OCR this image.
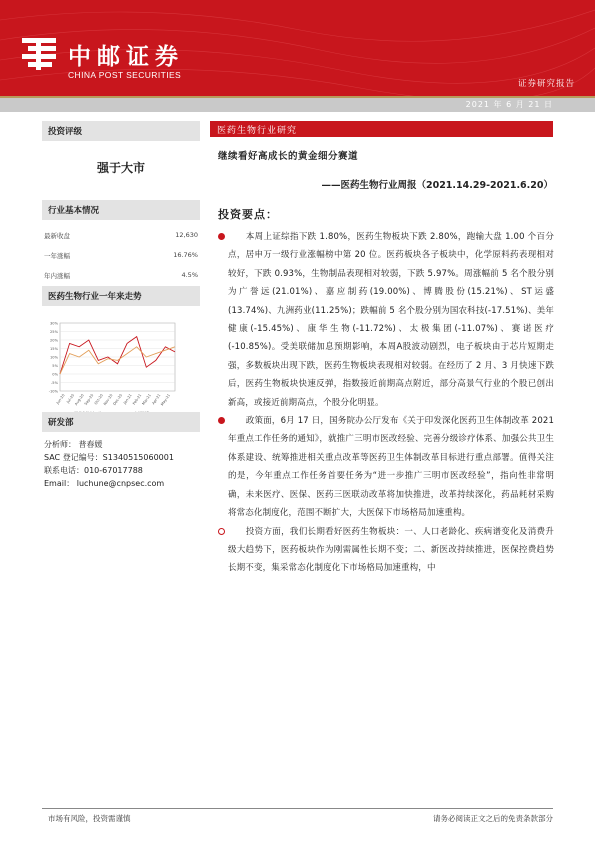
中邮证券
CHINA POST SECURITIES
证券研究报告
2021 年 6 月 21 日
投资评级
强于大市
行业基本情况
最新收盘	12,630
一年涨幅	16.76%
年内涨幅	4.5%
医药生物行业一年来走势
30%
25%
20%
15%
10%
5%
0%
-5%
-10%
Jun-20 Jul-20
Aug-20 Sep-20 Oct-20
Nov-20
Dec-20 Jan-21 Feb-21 Mar-21 Apr-21
May-21
研发部
分析师： 普春媛
SAC 登记编号：S1340515060001
联系电话：010-67017788
Email： luchune@cnpsec.com
医药生物行业研究
继续看好高成长的黄金细分赛道
——医药生物行业周报（2021.14.29-2021.6.20）
投资要点：

本周上证综指下跌 1.80%，医药生物板块下跌 2.80%，跑输大盘 1.00 个百分点，居申万一级行业涨幅榜中第 20 位。医药板块各子板块中，化学原料药表现相对较好，下跌 0.93%，生物制品表现相对较弱，下跌 5.97%。周涨幅前 5 名个股分别为广誉远(21.01%)、嘉应制药(19.00%)、博腾股份(15.21%)、ST运盛(13.74%)、九洲药业(11.25%)；跌幅前 5 名个股分别为国农科技(-17.51%)、美年健康(-15.45%)、康华生物(-11.72%)、太极集团(-11.07%)、赛诺医疗(-10.85%)。受美联储加息预期影响，本周A股波动剧烈，电子板块由于芯片短期走强，多数板块出现下跌，医药生物板块表现相对较弱。在经历了 2 月、3 月快速下跌后，医药生物板块快速反弹，指数接近前期高点附近，部分高景气行业的个股已创出新高，或接近前期高点，个股分化明显。

政策面，6月 17 日，国务院办公厅发布《关于印发深化医药卫生体制改革 2021 年重点工作任务的通知》，就推广三明市医改经验、完善分级诊疗体系、加强公共卫生体系建设、统筹推进相关重点改革等医药卫生体制改革目标进行重点部署。值得关注的是，今年重点工作任务首要任务为“进一步推广三明市医改经验”，指向性非常明确，未来医疗、医保、医药三医联动改革将加快推进，改革持续深化，药品耗材采购将常态化制度化，范围不断扩大，大医保下市场格局加速重构。

投资方面，我们长期看好医药生物板块：一、人口老龄化、疾病谱变化及消费升级大趋势下，医药板块作为刚需属性长期不变；二、新医改持续推进，医保控费趋势长期不变，集采常态化制度化下市场格局加速重构，中

市场有风险，投资需谨慎	请务必阅读正文之后的免责条款部分
